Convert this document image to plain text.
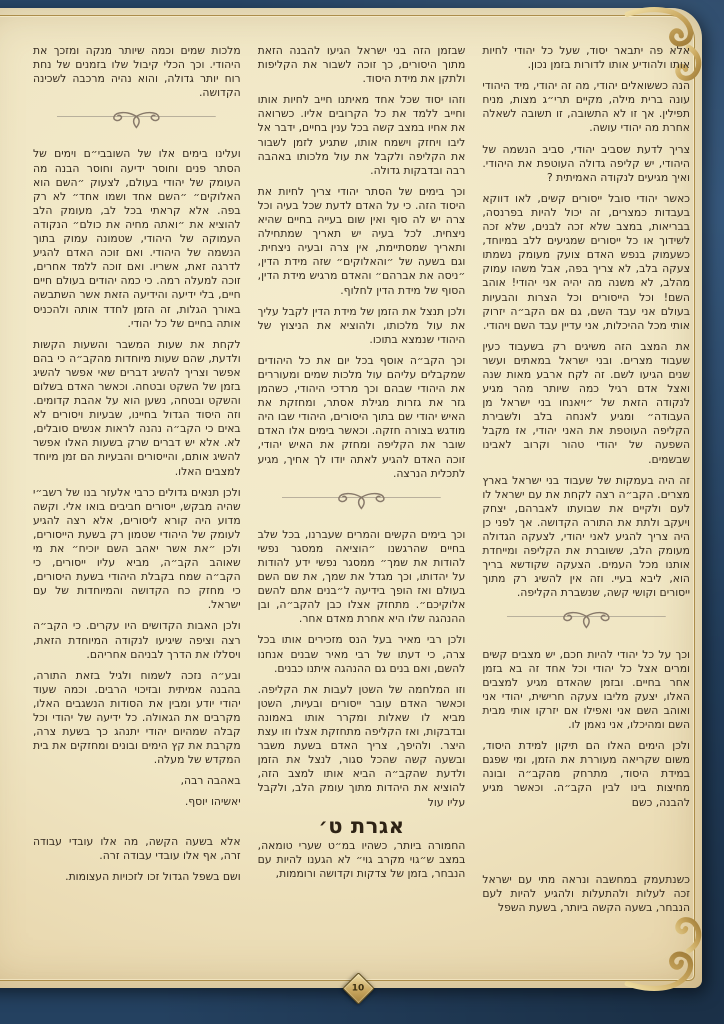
אלא פה יתבאר יסוד, שעל כל יהודי לחיות אותו ולהודיע אותו לדורות בזמן נכון.

הנה כששואלים יהודי, מה זה יהודי, מיד היהודי עונה ברית מילה, מקיים תרי״ג מצות, מניח תפילין. אך זו לא התשובה, זו תשובה לשאלה אחרת מה יהודי עושה.

צריך לדעת שסביב יהודי, סביב הנשמה של היהודי, יש קליפה גדולה העוטפת את היהודי. ואיך מגיעים לנקודה האמיתית ?

כאשר יהודי סובל ייסורים קשים, לאו דווקא בעבדות כמצרים, זה יכול להיות בפרנסה, בבריאות, במצב שלא זכה לבנים, שלא זכה לשידוך או כל ייסורים שמגיעים ללב במיוחד, כשעמוק בנפש האדם צועק מעומק נשמתו צעקה בלב, לא צריך בפה, אבל משהו עמוק מהלב, לא משנה מה יהיה אני יהודי! אוהב השם! וכל הייסורים וכל הצרות והבעיות בעולם אני עבד השם, גם אם הקב״ה יזרוק אותי מכל ההיכלות, אני עדיין עבד השם ויהודי.

את המצב הזה משיגים רק בשעבוד כעין שעבוד מצרים. ובני ישראל במאתים ועשר שנים הגיעו לשם. זה לקח ארבע מאות שנה ואצל אדם רגיל כמה שיותר מהר מגיע לנקודה הזאת של ״ויאנחו בני ישראל מן העבודה״ ומגיע לאנחה בלב ולשבירת הקליפה העוטפת את האני יהודי, אז מקבל השפעה של יהודי טהור וקרוב לאבינו שבשמים.

זה היה בעמקות של שעבוד בני ישראל בארץ מצרים. הקב״ה רצה לקחת את עם ישראל לו לעם ולקיים את שבועתו לאברהם, יצחק ויעקב ולתת את התורה הקדושה. אך לפני כן היה צריך להגיע לאני יהודי, לצעקה הגדולה מעומק הלב, ששוברת את הקליפה ומייחדת אותנו מכל העמים. הצעקה שקודשא בריך הוא, ליבא בעיי. וזה אין להשיג רק מתוך ייסורים וקושי קשה, שנשברת הקליפה.

וכך על כל יהודי להיות חכם, יש מצבים קשים ומרים אצל כל יהודי וכל אחד זה בא בזמן אחר בחיים. ובזמן שהאדם מגיע למצבים האלו, יצעק מליבו צעקה חרישית, יהודי אני ואוהב השם אני ואפילו אם יזרקו אותי מבית השם ומהיכלו, אני נאמן לו.

ולכן הימים האלו הם תיקון למידת היסוד, משום שקריאה מעוררת את הזמן, ומי שפגם במידת היסוד, מתרחק מהקב״ה ובונה מחיצות בינו לבין הקב״ה. וכאשר מגיע להבנה, כשם

כשנתעמק במחשבה ונראה מתי עם ישראל זכה לעלות ולהתעלות ולהגיע להיות לעם הנבחר, בשעה הקשה ביותר, בשעת השפל

שבזמן הזה בני ישראל הגיעו להבנה הזאת מתוך היסורים, כך זוכה לשבור את הקליפות ולתקן את מידת היסוד.

וזהו יסוד שכל אחד מאיתנו חייב לחיות אותו וחייב ללמד את כל הקרובים אליו. כשרואה את אחיו במצב קשה בכל ענין בחיים, ידבר אל ליבו ויחזק וישמח אותו, שתגיע לזמן לשבור את הקליפה ולקבל את עול מלכותו באהבה רבה ובדבקות גדולה.

וכך בימים של הסתר יהודי צריך לחיות את היסוד הזה. כי על האדם לדעת שכל בעיה וכל צרה יש לה סוף ואין שום בעייה בחיים שהיא ניצחית. לכל בעיה יש תאריך שמתחילה ותאריך שמסתיימת, אין צרה ובעיה ניצחית. וגם בשעה של ״והאלוקים״ שזה מידת הדין, ״ניסה את אברהם״ והאדם מרגיש מידת הדין, הסוף של מידת הדין לחלוף.

ולכן תנצל את הזמן של מידת הדין לקבל עליך את עול מלכותו, ולהוציא את הניצוץ של היהודי שנמצא בתוכו.

וכך הקב״ה אוסף בכל יום את כל היהודים שמקבלים עליהם עול מלכות שמים ומעוררים את היהודי שבהם וכך מרדכי היהודי, כשהמן גזר את גזרות מגילת אסתר, ומחזקת את האיש יהודי שם בתוך היסורים, היהודי שבו היה מודגש בצורה חזקה. וכאשר בימים אלו האדם שובר את הקליפה ומחזק את האיש יהודי, זוכה האדם להגיע לאתה יודו לך אחיך, מגיע לתכלית הנרצה.

וכך בימים הקשים והמרים שעברנו, בכל שלב בחיים שהרגשנו ״הוציאה ממסגר נפשי להודות את שמך״ ממסגר נפשי ידע להודות על יהדותו, וכך מגדל את שמך, את שם השם בעולם ואז הופך בידיעה ל״בנים אתם להשם אלוקיכם״. מתחזק אצלו כבן להקב״ה, ובן ההנהגה שלו היא אחרת מאדם אחר.

ולכן רבי מאיר בעל הנס מזכירים אותו בכל צרה, כי דעתו של רבי מאיר שבנים אנחנו להשם, ואם בנים גם ההנהגה איתנו כבנים.

וזו המלחמה של השטן לעבות את הקליפה. וכאשר האדם עובר ייסורים ובעיות, השטן מביא לו שאלות ומקרר אותו באמונה ובדבקות, ואז הקליפה מתחזקת אצלו וזו עצת היצר. ולהיפך, צריך האדם בשעת משבר ובשעה קשה שהכל סגור, לנצל את הזמן ולדעת שהקב״ה הביא אותו למצב הזה, להוציא את היהדות מתוך עומק הלב, ולקבל עליו עול

אגרת ט׳

החמורה ביותר, כשהיו במ״ט שערי טומאה, במצב ש״גוי מקרב גוי״ לא הגענו להיות עם הנבחר, בזמן של צדקות וקדושה ורוממות,

מלכות שמים וכמה שיותר מנקה ומזכך את היהודי. וכך הכלי קיבול שלו בזמנים של נחת רוח יותר גדולה, והוא נהיה מרכבה לשכינה הקדושה.

ועלינו בימים אלו של השובבי״ם וימים של הסתר פנים וחוסר ידיעה וחוסר הבנה מה העומק של יהודי בעולם, לצעוק ״השם הוא האלוקים״ ״השם אחד ושמו אחד״ לא רק בפה. אלא קראתי בכל לב, מעומק הלב להוציא את ״ואתה מחיה את כולם״ הנקודה העמוקה של היהודי, שטמונה עמוק בתוך הנשמה של היהודי. ואם זוכה האדם להגיע לדרגה זאת, אשריו. ואם זוכה ללמד אחרים, זוכה למעלה רמה. כי כמה יהודים בעולם חיים חיים, בלי ידיעה והידיעה הזאת אשר השתבשה באורך הגלות, זה הזמן לחדד אותה ולהכניס אותה בחיים של כל יהודי.

לקחת את שעות המשבר והשעות הקשות ולדעת, שהם שעות מיוחדות מהקב״ה כי בהם אפשר וצריך להשיג דברים שאי אפשר להשיג בזמן של השקט ובטחה. וכאשר האדם בשלום והשקט ובטחה, נשען הוא על אהבת קדומים. וזה היסוד הגדול בחיינו, שבעיות ויסורים לא באים כי הקב״ה נהנה לראות אנשים סובלים, לא. אלא יש דברים שרק בשעות האלו אפשר להשיג אותם, והייסורים והבעיות הם זמן מיוחד למצבים האלו.

ולכן תנאים גדולים כרבי אלעזר בנו של רשב״י שהיה מבקש, ייסורים חביבים בואו אלי. וקשה מדוע היה קורא ליסורים, אלא רצה להגיע לעומק של היהודי שטמון רק בשעת הייסורים, ולכן ״את אשר יאהב השם יוכיח״ את מי שאוהב הקב״ה, מביא עליו ייסורים, כי הקב״ה שמח בקבלת היהודי בשעת היסורים, כי מחזק כח הקדושה והמיוחדות של עם ישראל.

ולכן האבות הקדושים היו עקרים. כי הקב״ה רצה וציפה שיגיעו לנקודה המיוחדת הזאת, ויסללו את הדרך לבניהם אחריהם.

ובע״ה נזכה לשמוח ולגיל בזאת התורה, בהבנה אמיתית ובזיכוי הרבים. וכמה שעוד יהודי יודע ומבין את הסודות הנשגבים האלו, מקרבים את הגאולה. כל ידיעה של יהודי וכל קבלה שמהיום יהודי יתנהג כך בשעת צרה, מקרבת את קץ הימים ובונים ומחזקים את בית המקדש של מעלה.

באהבה רבה,

יאשיהו יוסף.

אלא בשעה הקשה, מה אלו עובדי עבודה זרה, אף אלו עובדי עבודה זרה.

ושם בשפל הגדול זכו לזכויות העצומות.

10
